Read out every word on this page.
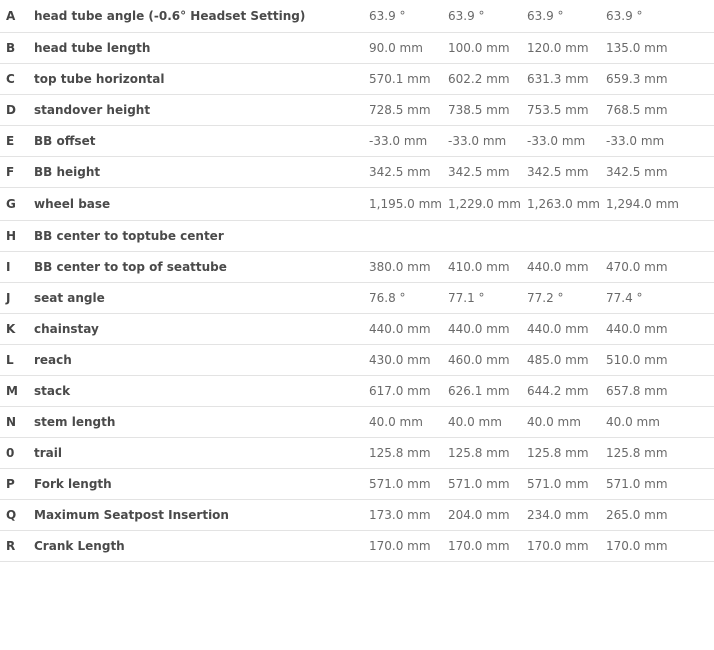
A	head tube angle (-0.6° Headset Setting)	63.9 °	63.9 °	63.9 °	63.9 °	
B	head tube length	90.0 mm	100.0 mm	120.0 mm	135.0 mm	
C	top tube horizontal	570.1 mm	602.2 mm	631.3 mm	659.3 mm	
D	standover height	728.5 mm	738.5 mm	753.5 mm	768.5 mm	
E	BB offset	-33.0 mm	-33.0 mm	-33.0 mm	-33.0 mm	
F	BB height	342.5 mm	342.5 mm	342.5 mm	342.5 mm	
G	wheel base	1,195.0 mm	1,229.0 mm	1,263.0 mm	1,294.0 mm	
H	BB center to toptube center					
I	BB center to top of seattube	380.0 mm	410.0 mm	440.0 mm	470.0 mm	
J	seat angle	76.8 °	77.1 °	77.2 °	77.4 °	
K	chainstay	440.0 mm	440.0 mm	440.0 mm	440.0 mm	
L	reach	430.0 mm	460.0 mm	485.0 mm	510.0 mm	
M	stack	617.0 mm	626.1 mm	644.2 mm	657.8 mm	
N	stem length	40.0 mm	40.0 mm	40.0 mm	40.0 mm	
0	trail	125.8 mm	125.8 mm	125.8 mm	125.8 mm	
P	Fork length	571.0 mm	571.0 mm	571.0 mm	571.0 mm	
Q	Maximum Seatpost Insertion	173.0 mm	204.0 mm	234.0 mm	265.0 mm	
R	Crank Length	170.0 mm	170.0 mm	170.0 mm	170.0 mm	
